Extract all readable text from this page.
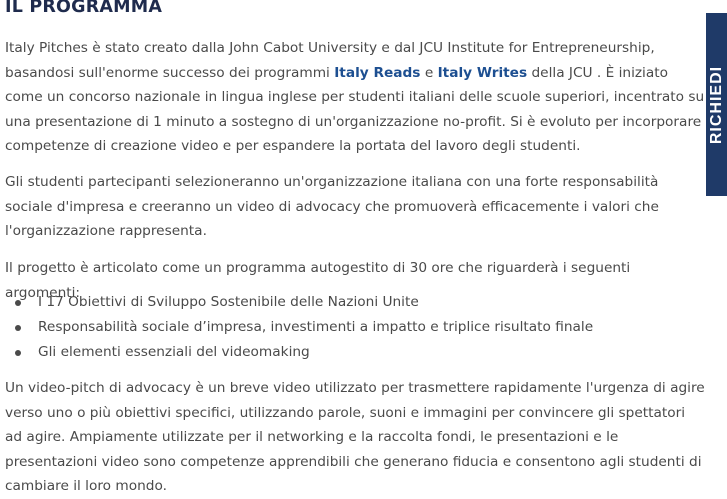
IL PROGRAMMA

Italy Pitches è stato creato dalla John Cabot University e dal JCU Institute for Entrepreneurship, basandosi sull'enorme successo dei programmi Italy Reads e Italy Writes della JCU . È iniziato come un concorso nazionale in lingua inglese per studenti italiani delle scuole superiori, incentrato su una presentazione di 1 minuto a sostegno di un'organizzazione no-profit. Si è evoluto per incorporare competenze di creazione video e per espandere la portata del lavoro degli studenti.

Gli studenti partecipanti selezioneranno un'organizzazione italiana con una forte responsabilità sociale d'impresa e creeranno un video di advocacy che promuoverà efficacemente i valori che l'organizzazione rappresenta.

Il progetto è articolato come un programma autogestito di 30 ore che riguarderà i seguenti argomenti:

I 17 Obiettivi di Sviluppo Sostenibile delle Nazioni Unite
Responsabilità sociale d’impresa, investimenti a impatto e triplice risultato finale
Gli elementi essenziali del videomaking

Un video-pitch di advocacy è un breve video utilizzato per trasmettere rapidamente l'urgenza di agire verso uno o più obiettivi specifici, utilizzando parole, suoni e immagini per convincere gli spettatori ad agire. Ampiamente utilizzate per il networking e la raccolta fondi, le presentazioni e le presentazioni video sono competenze apprendibili che generano fiducia e consentono agli studenti di cambiare il loro mondo.

RICHIEDI
